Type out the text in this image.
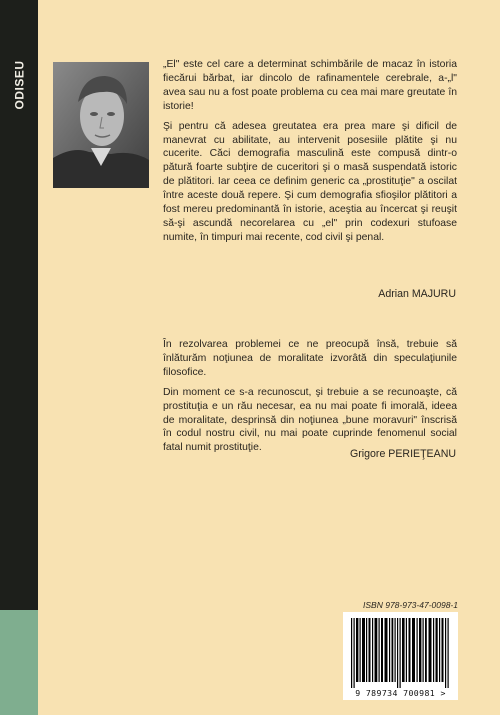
ODISEU	„El" este cel care a determinat schimbările de macaz în istoria fiecărui bărbat, iar dincolo de rafinamentele cerebrale, a-„l" avea sau nu a fost poate problema cu cea mai mare greutate în istorie!

Şi pentru că adesea greutatea era prea mare şi dificil de manevrat cu abilitate, au intervenit posesiile plătite şi nu cucerite. Căci demografia masculină este compusă dintr-o pătură foarte subţire de cuceritori şi o masă suspendată istoric de plătitori. Iar ceea ce definim generic ca „prostituţie" a oscilat între aceste două repere. Şi cum demografia sfioşilor plătitori a fost mereu predominantă în istorie, aceştia au încercat şi reuşit să-şi ascundă necorelarea cu „el" prin codexuri stufoase numite, în timpuri mai recente, cod civil şi penal.

Adrian MAJURU

În rezolvarea problemei ce ne preocupă însă, trebuie să înlăturăm noţiunea de moralitate izvorâtă din speculaţiunile filosofice.

Din moment ce s-a recunoscut, şi trebuie a se recunoaşte, că prostituţia e un rău necesar, ea nu mai poate fi imorală, ideea de moralitate, desprinsă din noţiunea „bune moravuri" înscrisă în codul nostru civil, nu mai poate cuprinde fenomenul social fatal numit prostituţie.

Grigore PERIEŢEANU
ISBN 978-973-47-0098-1
9 789734 700981 >
